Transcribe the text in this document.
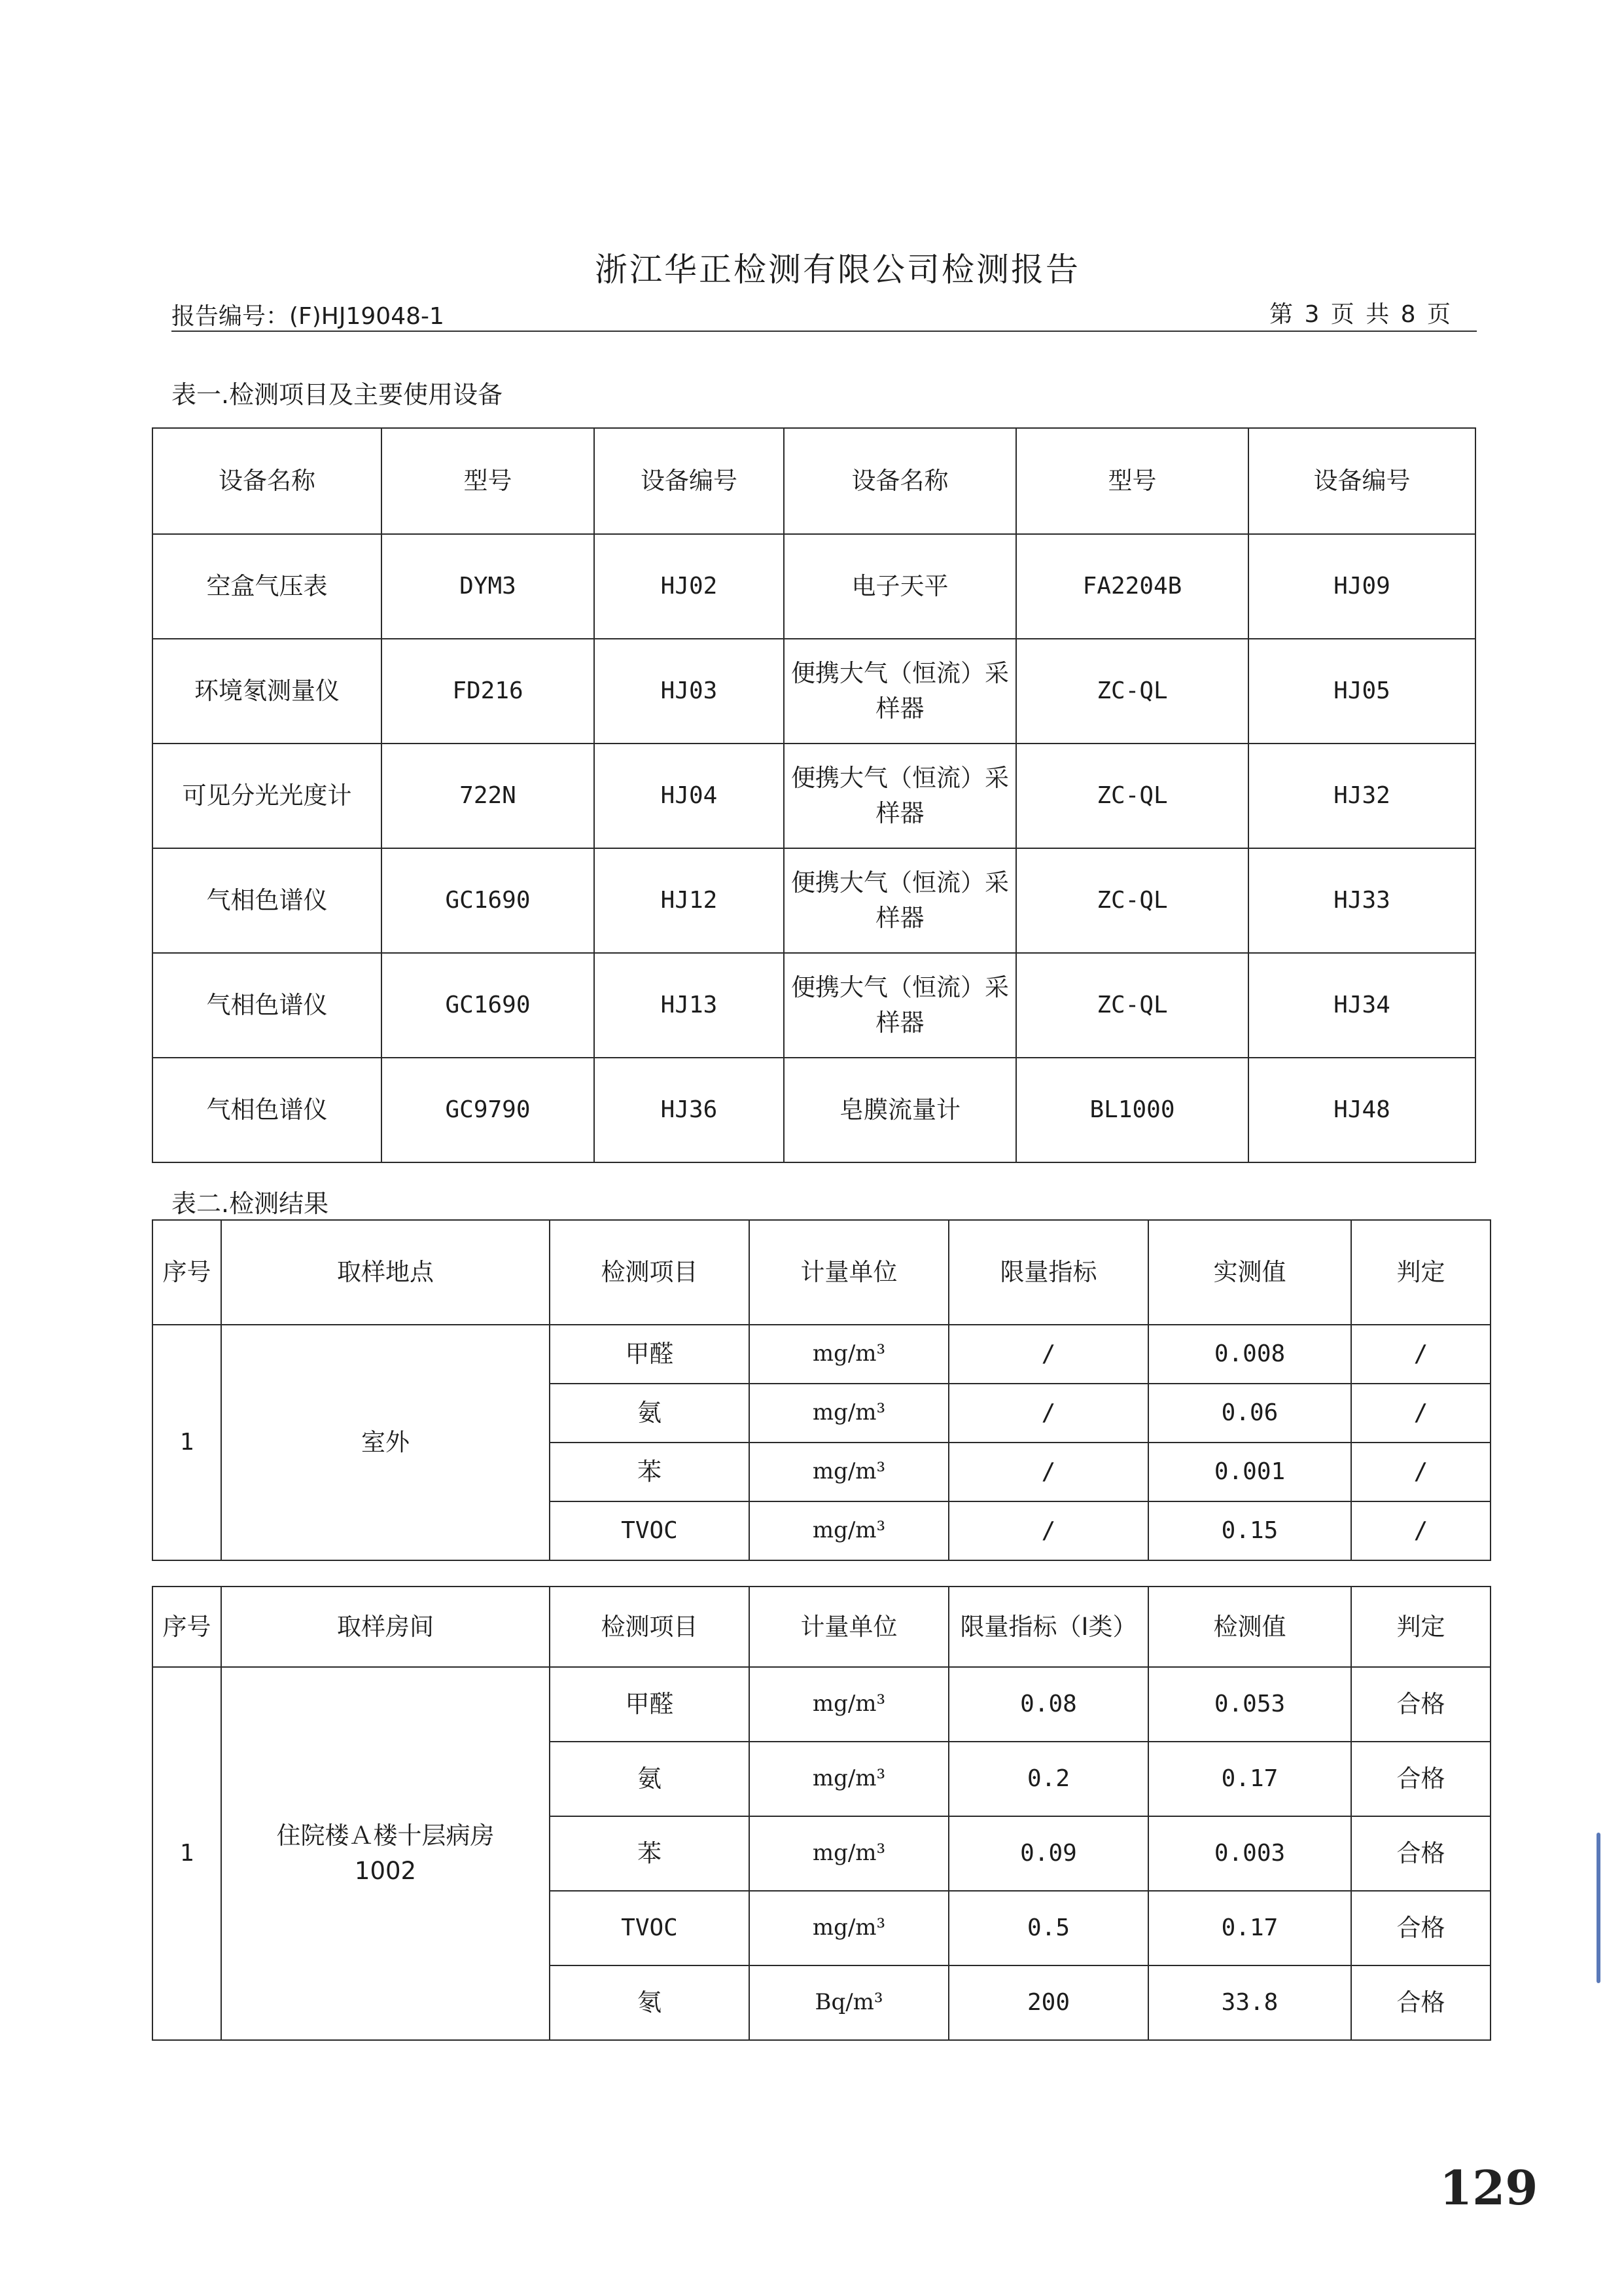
浙江华正检测有限公司检测报告
报告编号：(F)HJ19048-1	第 3 页 共 8 页
表一.检测项目及主要使用设备
设备名称	型号	设备编号	设备名称	型号	设备编号
空盒气压表	DYM3	HJ02	电子天平	FA2204B	HJ09
环境氡测量仪	FD216	HJ03	便携大气（恒流）采样器	ZC-QL	HJ05
可见分光光度计	722N	HJ04	便携大气（恒流）采样器	ZC-QL	HJ32
气相色谱仪	GC1690	HJ12	便携大气（恒流）采样器	ZC-QL	HJ33
气相色谱仪	GC1690	HJ13	便携大气（恒流）采样器	ZC-QL	HJ34
气相色谱仪	GC9790	HJ36	皂膜流量计	BL1000	HJ48
表二.检测结果
序号	取样地点	检测项目	计量单位	限量指标	实测值	判定
1	室外	甲醛	mg/m³	/	0.008	/
		氨	mg/m³	/	0.06	/
		苯	mg/m³	/	0.001	/
		TVOC	mg/m³	/	0.15	/
序号	取样房间	检测项目	计量单位	限量指标（Ⅰ类）	检测值	判定
1	住院楼Ａ楼十层病房1002	甲醛	mg/m³	0.08	0.053	合格
		氨	mg/m³	0.2	0.17	合格
		苯	mg/m³	0.09	0.003	合格
		TVOC	mg/m³	0.5	0.17	合格
		氡	Bq/m³	200	33.8	合格
129
